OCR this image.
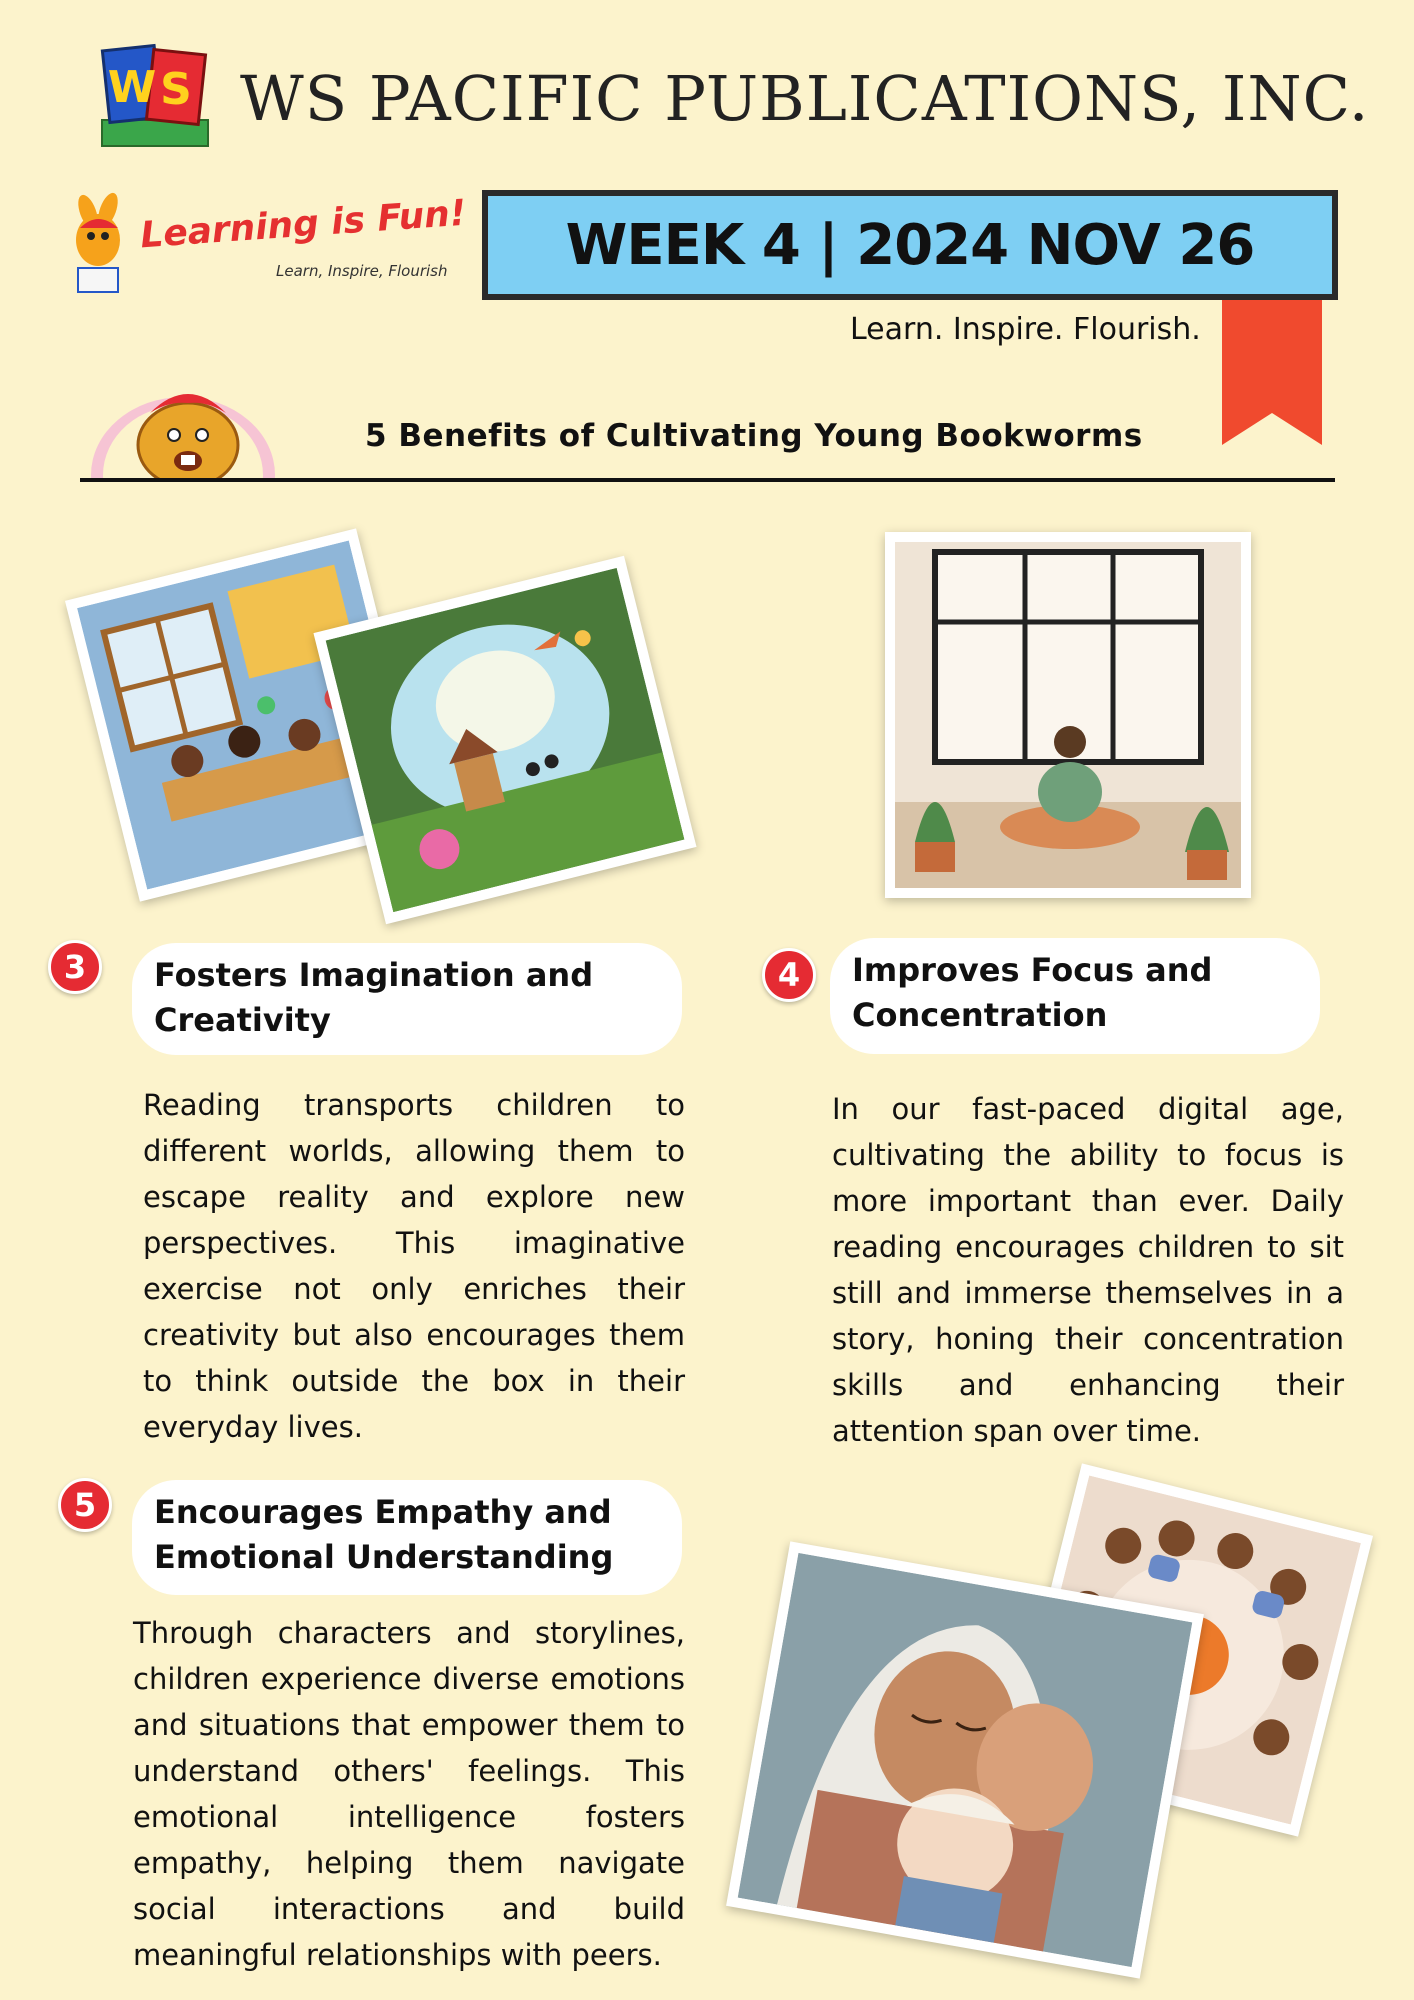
W S WS PACIFIC PUBLICATIONS, INC.
Learning is Fun!
Learn, Inspire, Flourish WEEK 4 | 2024 NOV 26
Learn. Inspire. Flourish.
5 Benefits of Cultivating Young Bookworms
3	Fosters Imagination and Creativity
Reading transports children to different worlds, allowing them to escape reality and explore new perspectives. This imaginative exercise not only enriches their creativity but also encourages them to think outside the box in their everyday lives.
4	Improves Focus and Concentration
In our fast-paced digital age, cultivating the ability to focus is more important than ever. Daily reading encourages children to sit still and immerse themselves in a story, honing their concentration skills and enhancing their attention span over time.
5	Encourages Empathy and Emotional Understanding
Through characters and storylines, children experience diverse emotions and situations that empower them to understand others' feelings. This emotional intelligence fosters empathy, helping them navigate social interactions and build meaningful relationships with peers.
